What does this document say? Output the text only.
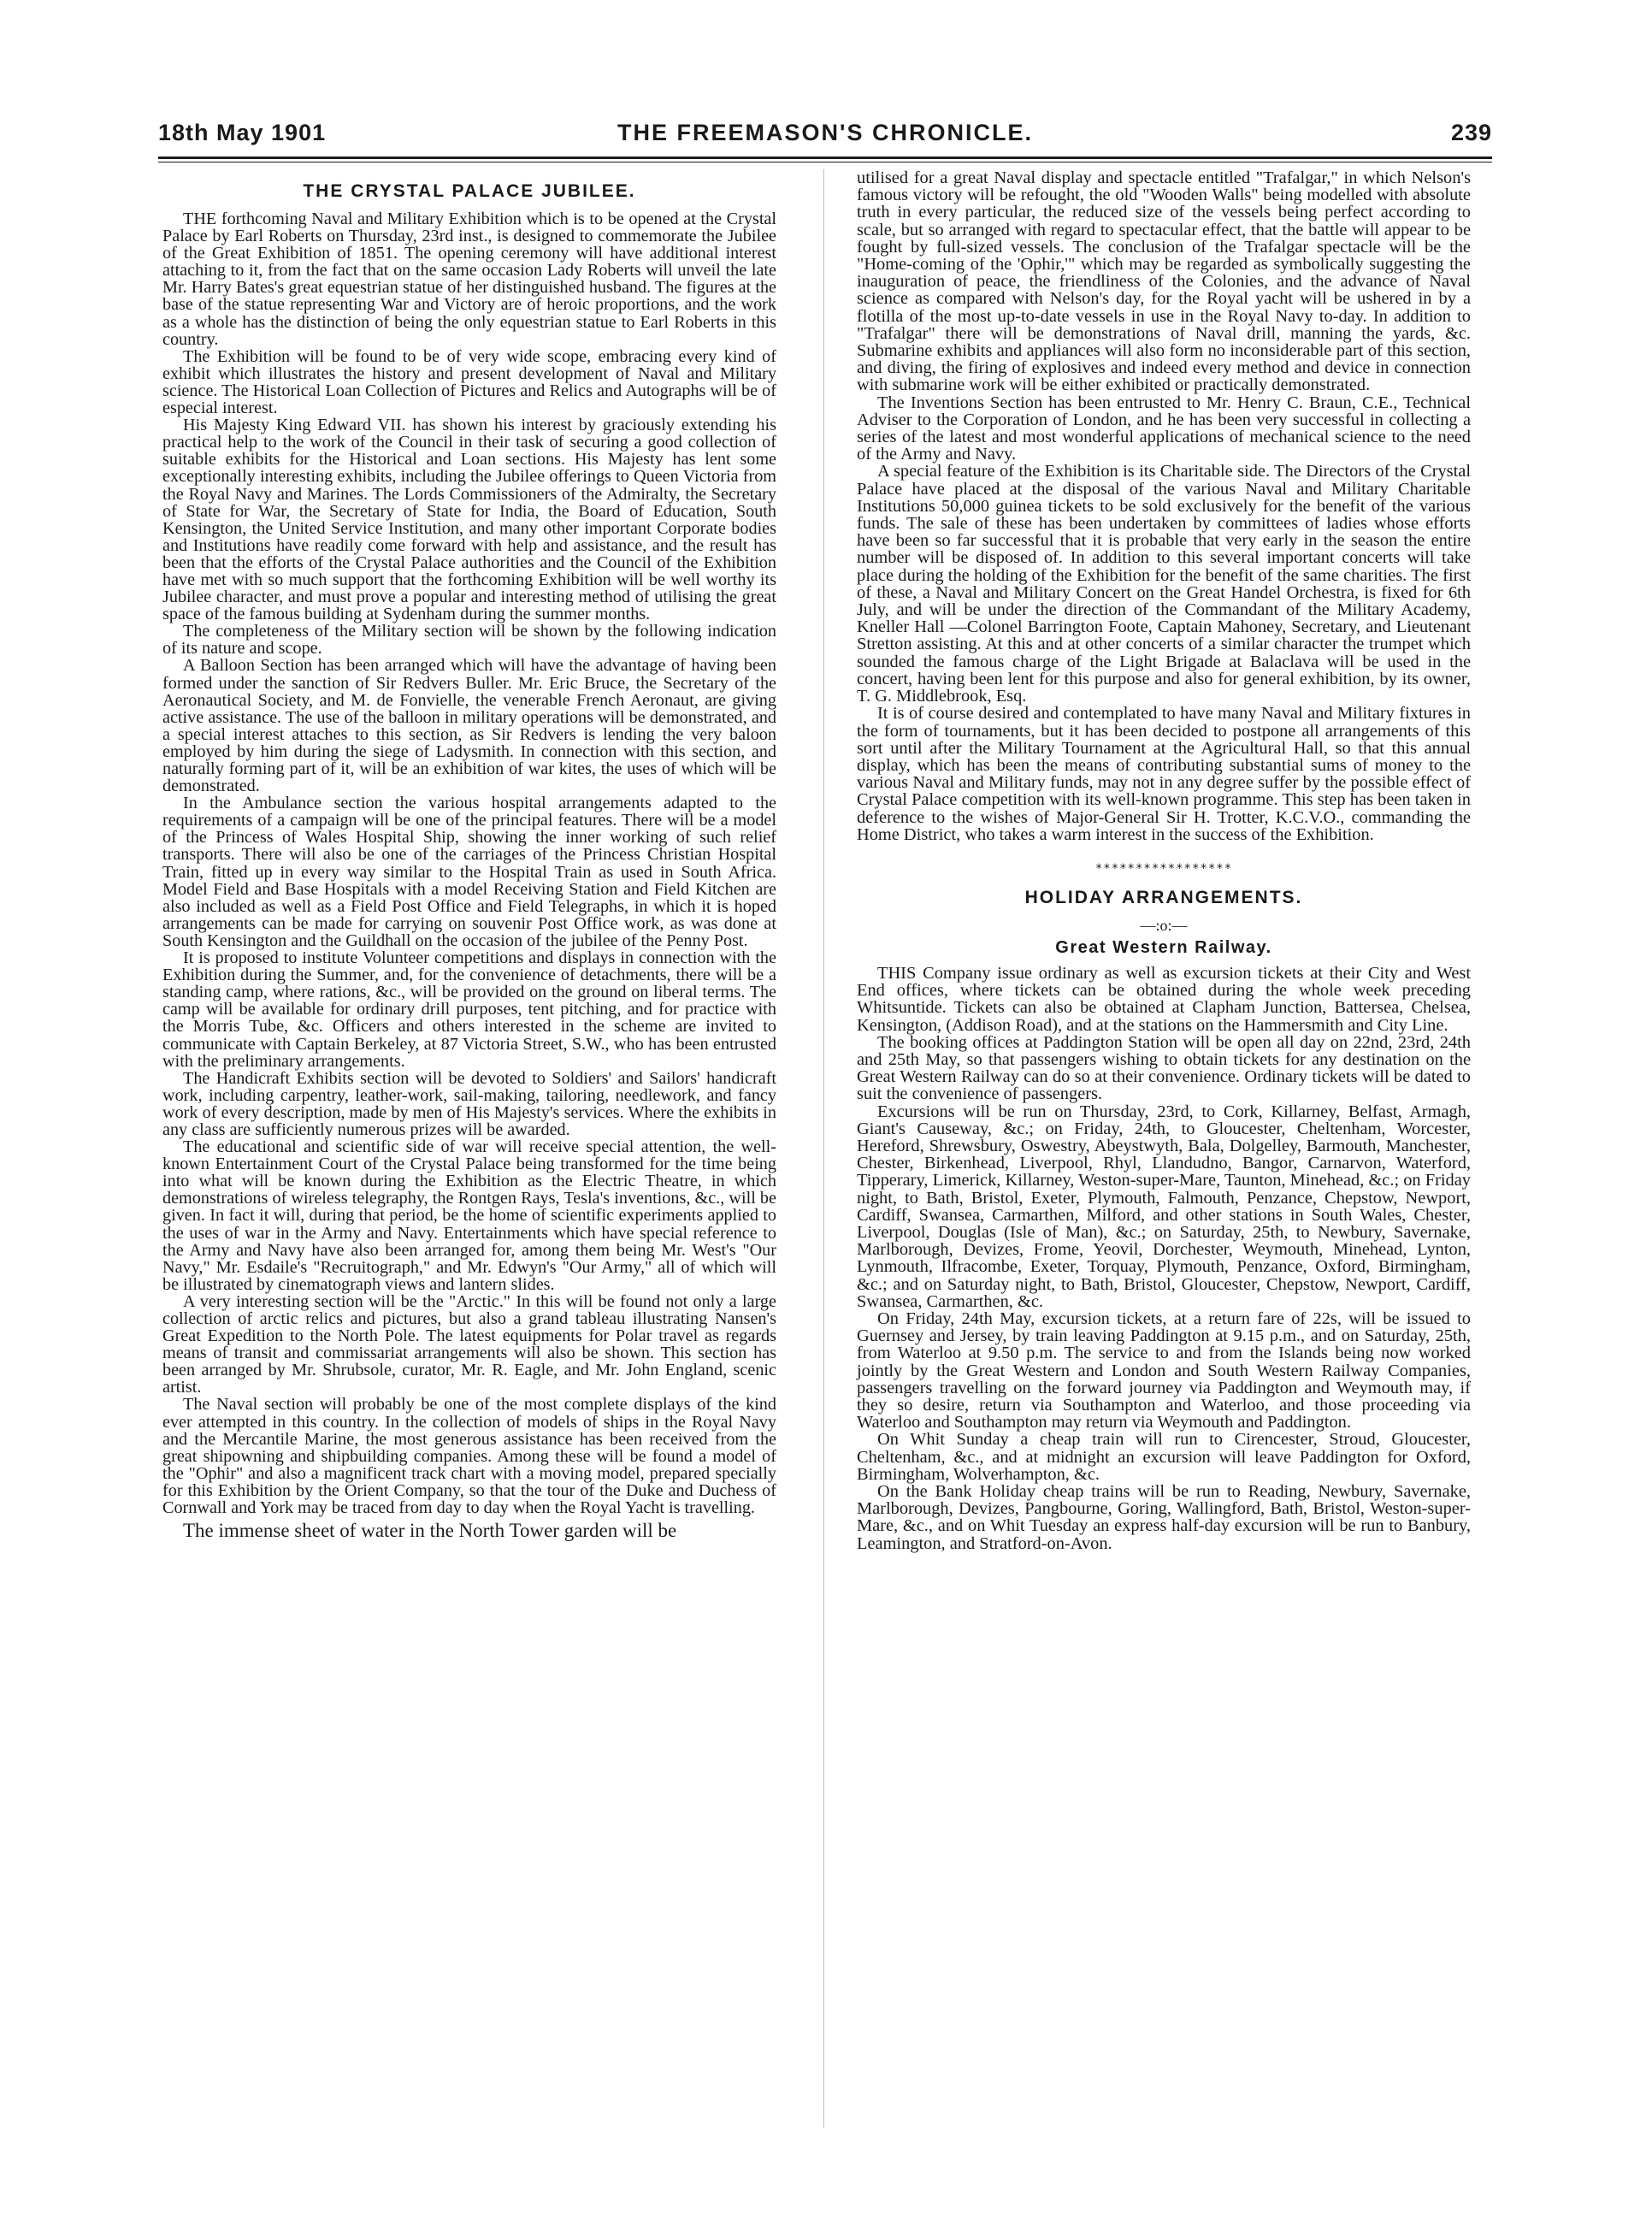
18th May 1901	THE FREEMASON'S CHRONICLE.	239
THE CRYSTAL PALACE JUBILEE.

THE forthcoming Naval and Military Exhibition which is to be opened at the Crystal Palace by Earl Roberts on Thursday, 23rd inst., is designed to commemorate the Jubilee of the Great Exhibition of 1851. The opening ceremony will have additional interest attaching to it, from the fact that on the same occasion Lady Roberts will unveil the late Mr. Harry Bates's great equestrian statue of her distinguished husband. The figures at the base of the statue representing War and Victory are of heroic proportions, and the work as a whole has the distinction of being the only equestrian statue to Earl Roberts in this country.

The Exhibition will be found to be of very wide scope, embracing every kind of exhibit which illustrates the history and present development of Naval and Military science. The Historical Loan Collection of Pictures and Relics and Autographs will be of especial interest.

His Majesty King Edward VII. has shown his interest by graciously extending his practical help to the work of the Council in their task of securing a good collection of suitable exhibits for the Historical and Loan sections. His Majesty has lent some exceptionally interesting exhibits, including the Jubilee offerings to Queen Victoria from the Royal Navy and Marines. The Lords Commissioners of the Admiralty, the Secretary of State for War, the Secretary of State for India, the Board of Education, South Kensington, the United Service Institution, and many other important Corporate bodies and Institutions have readily come forward with help and assistance, and the result has been that the efforts of the Crystal Palace authorities and the Council of the Exhibition have met with so much support that the forthcoming Exhibition will be well worthy its Jubilee character, and must prove a popular and interesting method of utilising the great space of the famous building at Sydenham during the summer months.

The completeness of the Military section will be shown by the following indication of its nature and scope.

A Balloon Section has been arranged which will have the advantage of having been formed under the sanction of Sir Redvers Buller. Mr. Eric Bruce, the Secretary of the Aeronautical Society, and M. de Fonvielle, the venerable French Aeronaut, are giving active assistance. The use of the balloon in military operations will be demonstrated, and a special interest attaches to this section, as Sir Redvers is lending the very baloon employed by him during the siege of Ladysmith. In connection with this section, and naturally forming part of it, will be an exhibition of war kites, the uses of which will be demonstrated.

In the Ambulance section the various hospital arrangements adapted to the requirements of a campaign will be one of the principal features. There will be a model of the Princess of Wales Hospital Ship, showing the inner working of such relief transports. There will also be one of the carriages of the Princess Christian Hospital Train, fitted up in every way similar to the Hospital Train as used in South Africa. Model Field and Base Hospitals with a model Receiving Station and Field Kitchen are also included as well as a Field Post Office and Field Telegraphs, in which it is hoped arrangements can be made for carrying on souvenir Post Office work, as was done at South Kensington and the Guildhall on the occasion of the jubilee of the Penny Post.

It is proposed to institute Volunteer competitions and displays in connection with the Exhibition during the Summer, and, for the convenience of detachments, there will be a standing camp, where rations, &c., will be provided on the ground on liberal terms. The camp will be available for ordinary drill purposes, tent pitching, and for practice with the Morris Tube, &c. Officers and others interested in the scheme are invited to communicate with Captain Berkeley, at 87 Victoria Street, S.W., who has been entrusted with the preliminary arrangements.

The Handicraft Exhibits section will be devoted to Soldiers' and Sailors' handicraft work, including carpentry, leather-work, sail-making, tailoring, needlework, and fancy work of every description, made by men of His Majesty's services. Where the exhibits in any class are sufficiently numerous prizes will be awarded.

The educational and scientific side of war will receive special attention, the well-known Entertainment Court of the Crystal Palace being transformed for the time being into what will be known during the Exhibition as the Electric Theatre, in which demonstrations of wireless telegraphy, the Rontgen Rays, Tesla's inventions, &c., will be given. In fact it will, during that period, be the home of scientific experiments applied to the uses of war in the Army and Navy. Entertainments which have special reference to the Army and Navy have also been arranged for, among them being Mr. West's "Our Navy," Mr. Esdaile's "Recruitograph," and Mr. Edwyn's "Our Army," all of which will be illustrated by cinematograph views and lantern slides.

A very interesting section will be the "Arctic." In this will be found not only a large collection of arctic relics and pictures, but also a grand tableau illustrating Nansen's Great Expedition to the North Pole. The latest equipments for Polar travel as regards means of transit and commissariat arrangements will also be shown. This section has been arranged by Mr. Shrubsole, curator, Mr. R. Eagle, and Mr. John England, scenic artist.

The Naval section will probably be one of the most complete displays of the kind ever attempted in this country. In the collection of models of ships in the Royal Navy and the Mercantile Marine, the most generous assistance has been received from the great shipowning and shipbuilding companies. Among these will be found a model of the "Ophir" and also a magnificent track chart with a moving model, prepared specially for this Exhibition by the Orient Company, so that the tour of the Duke and Duchess of Cornwall and York may be traced from day to day when the Royal Yacht is travelling.

The immense sheet of water in the North Tower garden will be

utilised for a great Naval display and spectacle entitled "Trafalgar," in which Nelson's famous victory will be refought, the old "Wooden Walls" being modelled with absolute truth in every particular, the reduced size of the vessels being perfect according to scale, but so arranged with regard to spectacular effect, that the battle will appear to be fought by full-sized vessels. The conclusion of the Trafalgar spectacle will be the "Home-coming of the 'Ophir,'" which may be regarded as symbolically suggesting the inauguration of peace, the friendliness of the Colonies, and the advance of Naval science as compared with Nelson's day, for the Royal yacht will be ushered in by a flotilla of the most up-to-date vessels in use in the Royal Navy to-day. In addition to "Trafalgar" there will be demonstrations of Naval drill, manning the yards, &c. Submarine exhibits and appliances will also form no inconsiderable part of this section, and diving, the firing of explosives and indeed every method and device in connection with submarine work will be either exhibited or practically demonstrated.

The Inventions Section has been entrusted to Mr. Henry C. Braun, C.E., Technical Adviser to the Corporation of London, and he has been very successful in collecting a series of the latest and most wonderful applications of mechanical science to the need of the Army and Navy.

A special feature of the Exhibition is its Charitable side. The Directors of the Crystal Palace have placed at the disposal of the various Naval and Military Charitable Institutions 50,000 guinea tickets to be sold exclusively for the benefit of the various funds. The sale of these has been undertaken by committees of ladies whose efforts have been so far successful that it is probable that very early in the season the entire number will be disposed of. In addition to this several important concerts will take place during the holding of the Exhibition for the benefit of the same charities. The first of these, a Naval and Military Concert on the Great Handel Orchestra, is fixed for 6th July, and will be under the direction of the Commandant of the Military Academy, Kneller Hall —Colonel Barrington Foote, Captain Mahoney, Secretary, and Lieutenant Stretton assisting. At this and at other concerts of a similar character the trumpet which sounded the famous charge of the Light Brigade at Balaclava will be used in the concert, having been lent for this purpose and also for general exhibition, by its owner, T. G. Middlebrook, Esq.

It is of course desired and contemplated to have many Naval and Military fixtures in the form of tournaments, but it has been decided to postpone all arrangements of this sort until after the Military Tournament at the Agricultural Hall, so that this annual display, which has been the means of contributing substantial sums of money to the various Naval and Military funds, may not in any degree suffer by the possible effect of Crystal Palace competition with its well-known programme. This step has been taken in deference to the wishes of Major-General Sir H. Trotter, K.C.V.O., commanding the Home District, who takes a warm interest in the success of the Exhibition.

*****************
HOLIDAY ARRANGEMENTS.
—:o:—
Great Western Railway.

THIS Company issue ordinary as well as excursion tickets at their City and West End offices, where tickets can be obtained during the whole week preceding Whitsuntide. Tickets can also be obtained at Clapham Junction, Battersea, Chelsea, Kensington, (Addison Road), and at the stations on the Hammersmith and City Line.

The booking offices at Paddington Station will be open all day on 22nd, 23rd, 24th and 25th May, so that passengers wishing to obtain tickets for any destination on the Great Western Railway can do so at their convenience. Ordinary tickets will be dated to suit the convenience of passengers.

Excursions will be run on Thursday, 23rd, to Cork, Killarney, Belfast, Armagh, Giant's Causeway, &c.; on Friday, 24th, to Gloucester, Cheltenham, Worcester, Hereford, Shrewsbury, Oswestry, Abeystwyth, Bala, Dolgelley, Barmouth, Manchester, Chester, Birkenhead, Liverpool, Rhyl, Llandudno, Bangor, Carnarvon, Waterford, Tipperary, Limerick, Killarney, Weston-super-Mare, Taunton, Minehead, &c.; on Friday night, to Bath, Bristol, Exeter, Plymouth, Falmouth, Penzance, Chepstow, Newport, Cardiff, Swansea, Carmarthen, Milford, and other stations in South Wales, Chester, Liverpool, Douglas (Isle of Man), &c.; on Saturday, 25th, to Newbury, Savernake, Marlborough, Devizes, Frome, Yeovil, Dorchester, Weymouth, Minehead, Lynton, Lynmouth, Ilfracombe, Exeter, Torquay, Plymouth, Penzance, Oxford, Birmingham, &c.; and on Saturday night, to Bath, Bristol, Gloucester, Chepstow, Newport, Cardiff, Swansea, Carmarthen, &c.

On Friday, 24th May, excursion tickets, at a return fare of 22s, will be issued to Guernsey and Jersey, by train leaving Paddington at 9.15 p.m., and on Saturday, 25th, from Waterloo at 9.50 p.m. The service to and from the Islands being now worked jointly by the Great Western and London and South Western Railway Companies, passengers travelling on the forward journey via Paddington and Weymouth may, if they so desire, return via Southampton and Waterloo, and those proceeding via Waterloo and Southampton may return via Weymouth and Paddington.

On Whit Sunday a cheap train will run to Cirencester, Stroud, Gloucester, Cheltenham, &c., and at midnight an excursion will leave Paddington for Oxford, Birmingham, Wolverhampton, &c.

On the Bank Holiday cheap trains will be run to Reading, Newbury, Savernake, Marlborough, Devizes, Pangbourne, Goring, Wallingford, Bath, Bristol, Weston-super-Mare, &c., and on Whit Tuesday an express half-day excursion will be run to Banbury, Leamington, and Stratford-on-Avon.
